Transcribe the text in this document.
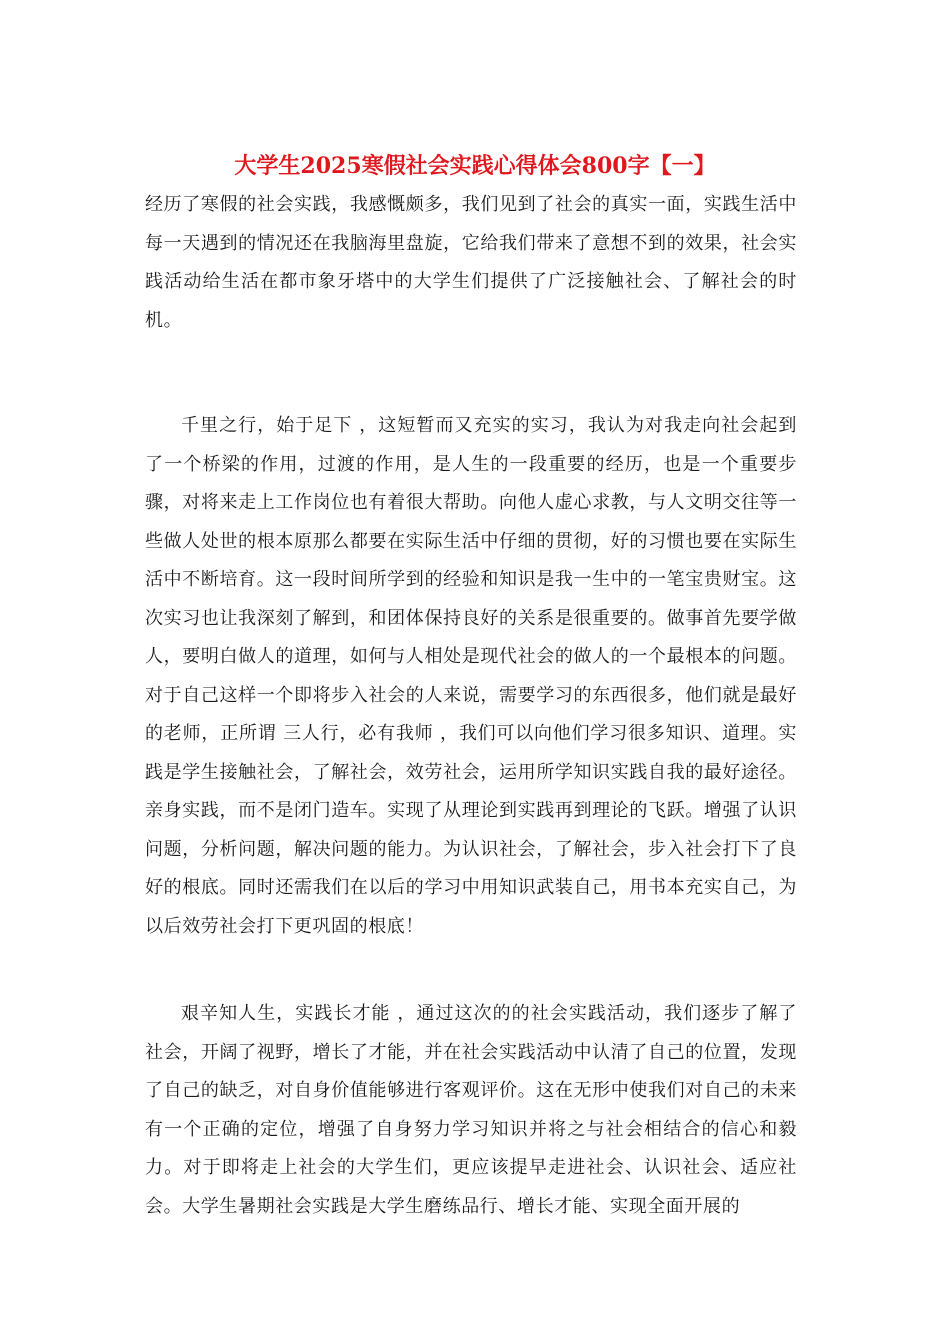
大学生2025寒假社会实践心得体会800字【一】

经历了寒假的社会实践，我感慨颇多，我们见到了社会的真实一面，实践生活中每一天遇到的情况还在我脑海里盘旋，它给我们带来了意想不到的效果，社会实践活动给生活在都市象牙塔中的大学生们提供了广泛接触社会、了解社会的时机。

千里之行，始于足下 ，这短暂而又充实的实习，我认为对我走向社会起到了一个桥梁的作用，过渡的作用，是人生的一段重要的经历，也是一个重要步骤，对将来走上工作岗位也有着很大帮助。向他人虚心求教，与人文明交往等一些做人处世的根本原那么都要在实际生活中仔细的贯彻，好的习惯也要在实际生活中不断培育。这一段时间所学到的经验和知识是我一生中的一笔宝贵财宝。这次实习也让我深刻了解到，和团体保持良好的关系是很重要的。做事首先要学做人，要明白做人的道理，如何与人相处是现代社会的做人的一个最根本的问题。对于自己这样一个即将步入社会的人来说，需要学习的东西很多，他们就是最好的老师，正所谓 三人行，必有我师 ，我们可以向他们学习很多知识、道理。实践是学生接触社会，了解社会，效劳社会，运用所学知识实践自我的最好途径。亲身实践，而不是闭门造车。实现了从理论到实践再到理论的飞跃。增强了认识问题，分析问题，解决问题的能力。为认识社会，了解社会，步入社会打下了良好的根底。同时还需我们在以后的学习中用知识武装自己，用书本充实自己，为以后效劳社会打下更巩固的根底！

艰辛知人生，实践长才能 ，通过这次的的社会实践活动，我们逐步了解了社会，开阔了视野，增长了才能，并在社会实践活动中认清了自己的位置，发现了自己的缺乏，对自身价值能够进行客观评价。这在无形中使我们对自己的未来有一个正确的定位，增强了自身努力学习知识并将之与社会相结合的信心和毅力。对于即将走上社会的大学生们，更应该提早走进社会、认识社会、适应社会。大学生暑期社会实践是大学生磨练品行、增长才能、实现全面开展的
